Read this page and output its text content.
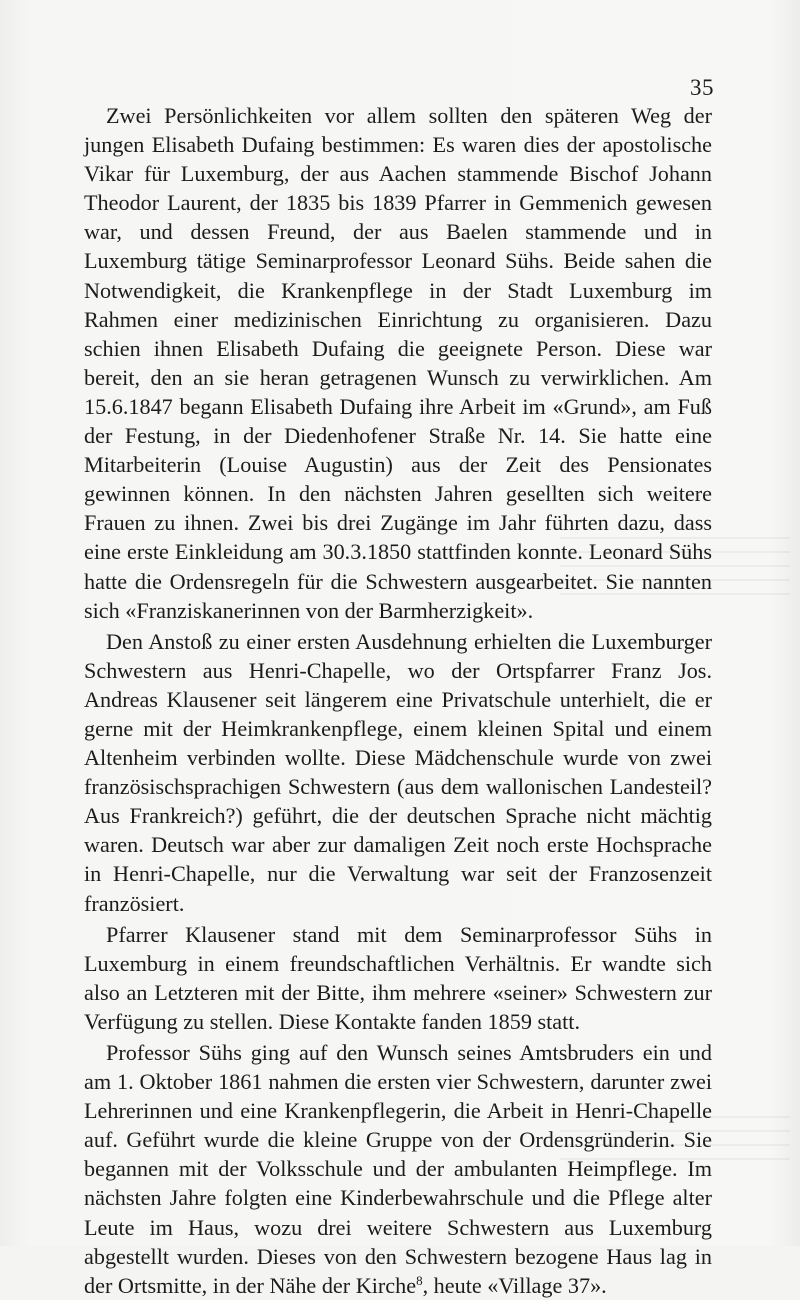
35

Zwei Persönlichkeiten vor allem sollten den späteren Weg der jungen Elisabeth Dufaing bestimmen: Es waren dies der apostolische Vikar für Luxemburg, der aus Aachen stammende Bischof Johann Theodor Laurent, der 1835 bis 1839 Pfarrer in Gemmenich gewesen war, und dessen Freund, der aus Baelen stammende und in Luxemburg tätige Seminarprofessor Leonard Sühs. Beide sahen die Notwendigkeit, die Krankenpflege in der Stadt Luxemburg im Rahmen einer medizinischen Einrichtung zu organisieren. Dazu schien ihnen Elisabeth Dufaing die geeignete Person. Diese war bereit, den an sie heran getragenen Wunsch zu verwirklichen. Am 15.6.1847 begann Elisabeth Dufaing ihre Arbeit im «Grund», am Fuß der Festung, in der Diedenhofener Straße Nr. 14. Sie hatte eine Mitarbeiterin (Louise Augustin) aus der Zeit des Pensionates gewinnen können. In den nächsten Jahren gesellten sich weitere Frauen zu ihnen. Zwei bis drei Zugänge im Jahr führten dazu, dass eine erste Einkleidung am 30.3.1850 stattfinden konnte. Leonard Sühs hatte die Ordensregeln für die Schwestern ausgearbeitet. Sie nannten sich «Franziskanerinnen von der Barmherzigkeit».

Den Anstoß zu einer ersten Ausdehnung erhielten die Luxemburger Schwestern aus Henri-Chapelle, wo der Ortspfarrer Franz Jos. Andreas Klausener seit längerem eine Privatschule unterhielt, die er gerne mit der Heimkrankenpflege, einem kleinen Spital und einem Altenheim verbinden wollte. Diese Mädchenschule wurde von zwei französischsprachigen Schwestern (aus dem wallonischen Landesteil? Aus Frankreich?) geführt, die der deutschen Sprache nicht mächtig waren. Deutsch war aber zur damaligen Zeit noch erste Hochsprache in Henri-Chapelle, nur die Verwaltung war seit der Franzosenzeit französiert.

Pfarrer Klausener stand mit dem Seminarprofessor Sühs in Luxemburg in einem freundschaftlichen Verhältnis. Er wandte sich also an Letzteren mit der Bitte, ihm mehrere «seiner» Schwestern zur Verfügung zu stellen. Diese Kontakte fanden 1859 statt.

Professor Sühs ging auf den Wunsch seines Amtsbruders ein und am 1. Oktober 1861 nahmen die ersten vier Schwestern, darunter zwei Lehrerinnen und eine Krankenpflegerin, die Arbeit in Henri-Chapelle auf. Geführt wurde die kleine Gruppe von der Ordensgründerin. Sie begannen mit der Volksschule und der ambulanten Heimpflege. Im nächsten Jahre folgten eine Kinderbewahrschule und die Pflege alter Leute im Haus, wozu drei weitere Schwestern aus Luxemburg abgestellt wurden. Dieses von den Schwestern bezogene Haus lag in der Ortsmitte, in der Nähe der Kirche$^8$, heute «Village 37».
